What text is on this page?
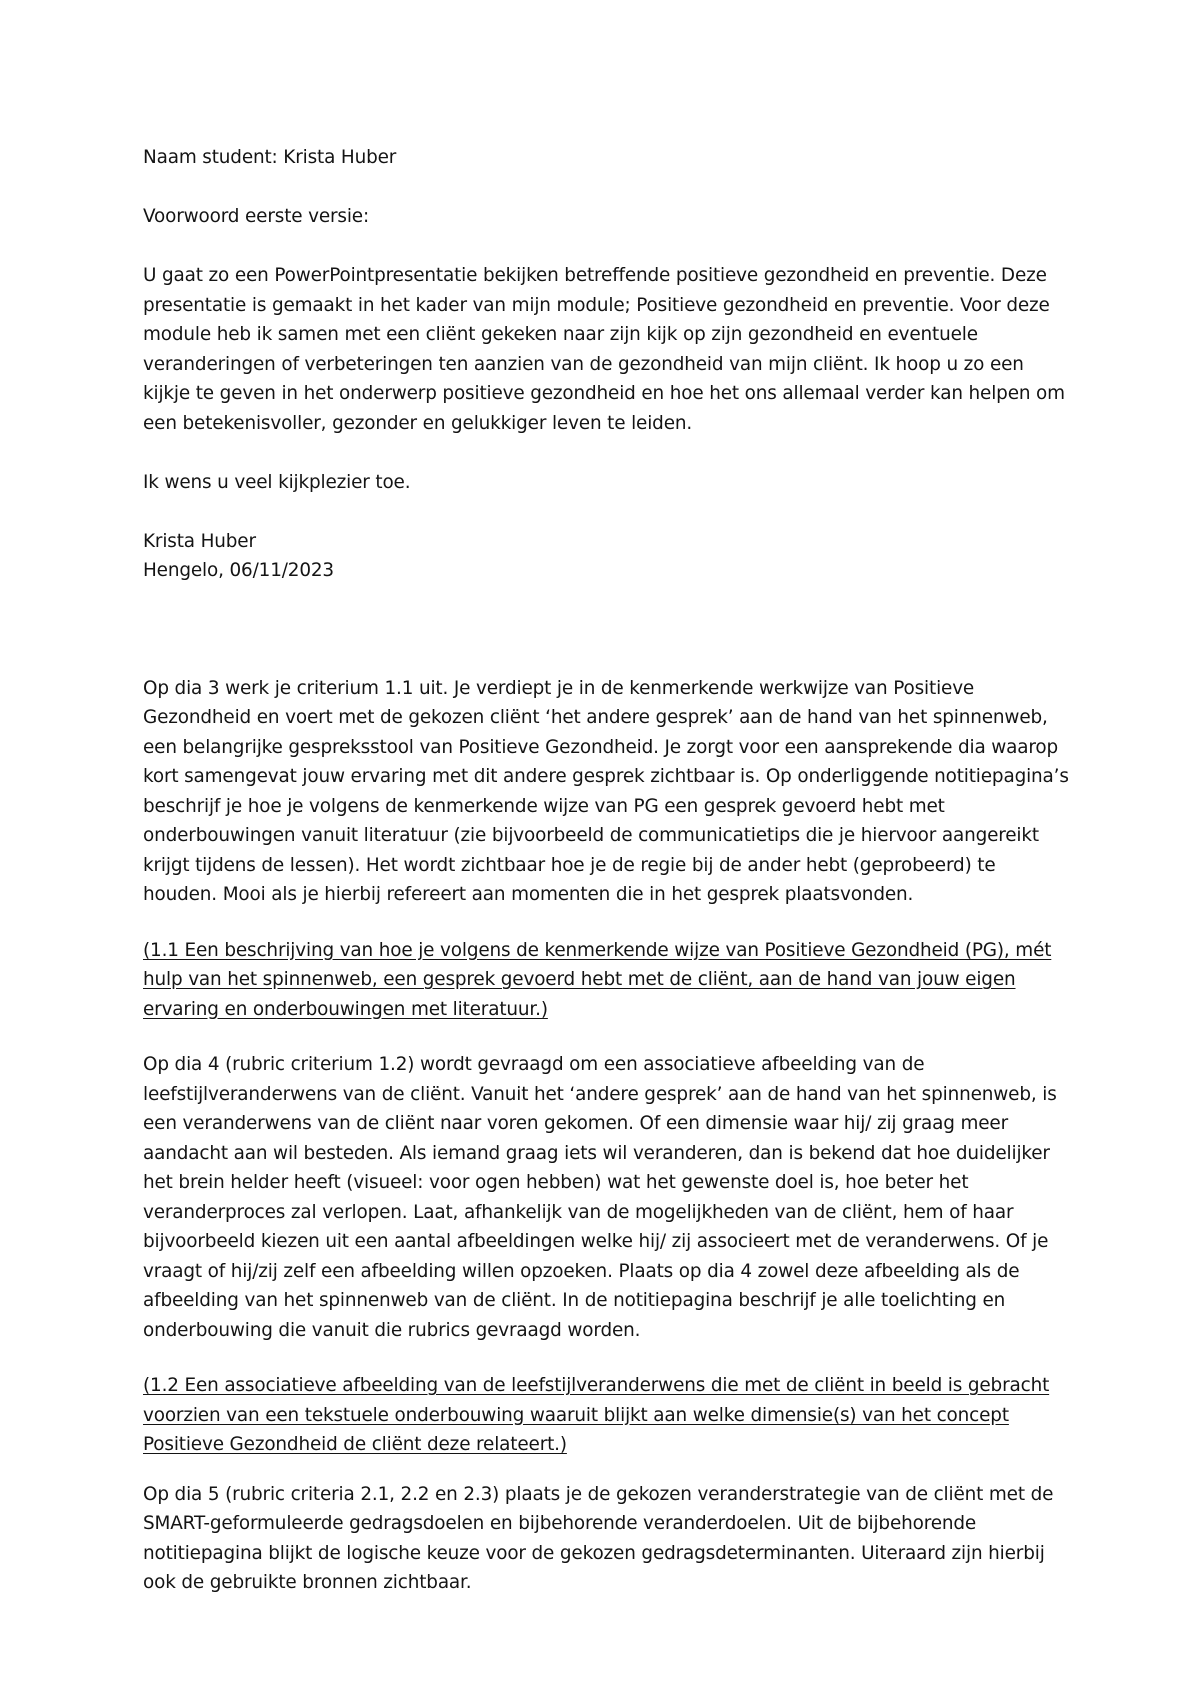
Naam student: Krista Huber

Voorwoord eerste versie:

U gaat zo een PowerPointpresentatie bekijken betreffende positieve gezondheid en preventie. Deze
presentatie is gemaakt in het kader van mijn module; Positieve gezondheid en preventie. Voor deze
module heb ik samen met een cliënt gekeken naar zijn kijk op zijn gezondheid en eventuele
veranderingen of verbeteringen ten aanzien van de gezondheid van mijn cliënt. Ik hoop u zo een
kijkje te geven in het onderwerp positieve gezondheid en hoe het ons allemaal verder kan helpen om
een betekenisvoller, gezonder en gelukkiger leven te leiden.

Ik wens u veel kijkplezier toe.

Krista Huber
Hengelo, 06/11/2023

Op dia 3 werk je criterium 1.1 uit. Je verdiept je in de kenmerkende werkwijze van Positieve
Gezondheid en voert met de gekozen cliënt ‘het andere gesprek’ aan de hand van het spinnenweb,
een belangrijke gespreksstool van Positieve Gezondheid. Je zorgt voor een aansprekende dia waarop
kort samengevat jouw ervaring met dit andere gesprek zichtbaar is. Op onderliggende notitiepagina’s
beschrijf je hoe je volgens de kenmerkende wijze van PG een gesprek gevoerd hebt met
onderbouwingen vanuit literatuur (zie bijvoorbeeld de communicatietips die je hiervoor aangereikt
krijgt tijdens de lessen). Het wordt zichtbaar hoe je de regie bij de ander hebt (geprobeerd) te
houden. Mooi als je hierbij refereert aan momenten die in het gesprek plaatsvonden.

(1.1 Een beschrijving van hoe je volgens de kenmerkende wijze van Positieve Gezondheid (PG), mét
hulp van het spinnenweb, een gesprek gevoerd hebt met de cliënt, aan de hand van jouw eigen
ervaring en onderbouwingen met literatuur.)

Op dia 4 (rubric criterium 1.2) wordt gevraagd om een associatieve afbeelding van de
leefstijlveranderwens van de cliënt. Vanuit het ‘andere gesprek’ aan de hand van het spinnenweb, is
een veranderwens van de cliënt naar voren gekomen. Of een dimensie waar hij/ zij graag meer
aandacht aan wil besteden. Als iemand graag iets wil veranderen, dan is bekend dat hoe duidelijker
het brein helder heeft (visueel: voor ogen hebben) wat het gewenste doel is, hoe beter het
veranderproces zal verlopen. Laat, afhankelijk van de mogelijkheden van de cliënt, hem of haar
bijvoorbeeld kiezen uit een aantal afbeeldingen welke hij/ zij associeert met de veranderwens. Of je
vraagt of hij/zij zelf een afbeelding willen opzoeken. Plaats op dia 4 zowel deze afbeelding als de
afbeelding van het spinnenweb van de cliënt. In de notitiepagina beschrijf je alle toelichting en
onderbouwing die vanuit die rubrics gevraagd worden.

(1.2 Een associatieve afbeelding van de leefstijlveranderwens die met de cliënt in beeld is gebracht
voorzien van een tekstuele onderbouwing waaruit blijkt aan welke dimensie(s) van het concept
Positieve Gezondheid de cliënt deze relateert.)

Op dia 5 (rubric criteria 2.1, 2.2 en 2.3) plaats je de gekozen veranderstrategie van de cliënt met de
SMART-geformuleerde gedragsdoelen en bijbehorende veranderdoelen. Uit de bijbehorende
notitiepagina blijkt de logische keuze voor de gekozen gedragsdeterminanten. Uiteraard zijn hierbij
ook de gebruikte bronnen zichtbaar.
